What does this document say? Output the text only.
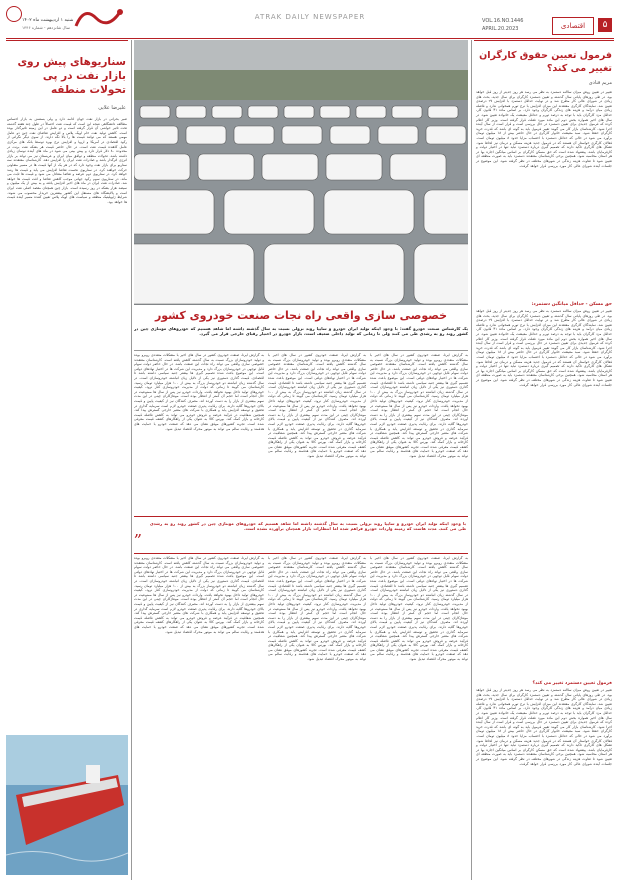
۵
اقتصادی
VOL.16.NO.1446
APRIL.20.2023
ATRAK DAILY NEWSPAPER
شنبه ۱ اردیبهشت ماه ۱۴۰۲
سال شانزدهم - شماره ۱۴۴۶
سناریوهای پیش روی بازار نفت در پی تحولات منطقه
علیرضا علایی
صبر بحرانی در بازار نفت جهان ادامه دارد و ولی بستنش به بازار احساس مطالعه دانشگاهی نتیجه این است که قیمت نفت احتمالاً در طول چند هفته گذشته تحت تاثیر حواشی آن قرار گرفته است و دو عامل در این زمینه تاثیرگذار بوده است. کاهش تولید نفت خام اوپک پلاس و افزایش تقاضای نفت چین دو عامل مهمی هستند که می توانند قیمت ها را بالا نگه دارند. از سوی دیگر نگرانی از رکود اقتصادی در آمریکا و اروپا و افزایش نرخ بهره توسط بانک های مرکزی عامل کاهنده قیمت نفت است. در حال حاضر قیمت هر بشکه نفت برنت در محدوده ۸۰ دلار قرار دارد و پیش بینی می شود در ماه های آینده نوسان زیادی داشته باشد. تحولات منطقه و توافق میان ایران و عربستان نیز می تواند بر بازار انرژی اثرگذار باشد و صادرات نفت ایران را افزایش دهد. کارشناسان معتقدند سه سناریو برای بازار نفت وجود دارد که در هر یک از آنها قیمت ها در مسیر متفاوتی حرکت خواهند کرد. در سناریوی نخست تقاضا افزایش می یابد و قیمت ها رشد خواهد کرد. در سناریوی دوم عرضه و تقاضا متعادل می شود و قیمت ها ثابت می ماند. در سناریوی سوم رکود جهانی موجب کاهش تقاضا و افت قیمت ها خواهد شد. صادرات نفت ایران در ماه های اخیر افزایش یافته و به بیش از یک میلیون و سیصد هزار بشکه در روز رسیده است. بازار چین همچنان مقصد اصلی نفت ایران است و پالایشگاه های مستقل این کشور بیشترین خریدار محسوب می شوند. شرایط ژئوپلیتیک منطقه و سیاست های اوپک پلاس تعیین کننده مسیر آینده قیمت ها خواهد بود.
خصوصی سازی واقعی راه نجات صنعت خودروی کشور
یک کارشناس صنعت خودرو گفت: با وجود اینکه تولید ایران خودرو و سایپا روند نزولی نسبت به سال گذشته داشته اما شاهد هستیم که خودروهای مونتاژی چین در کشور روند رو به رشدی طی می کنند ولی تا زمانی که تولید داخلی ضعیف است، بازار خودرو در اختیار رقبای خارجی قرار می گیرد.
به گزارش ایرنا، صنعت خودروی کشور در سال های اخیر با مشکلات متعددی روبرو بوده و تولید خودروسازان بزرگ نسبت به سال گذشته کاهش یافته است. کارشناسان معتقدند خصوصی سازی واقعی می تواند راه نجات این صنعت باشد. در حال حاضر دولت سهام قابل توجهی در خودروسازان بزرگ دارد و مدیریت این شرکت ها در اختیار نهادهای دولتی است. این موضوع باعث شده تصمیم گیری ها بیشتر جنبه سیاسی داشته باشد تا اقتصادی. قیمت گذاری دستوری نیز یکی از دلایل زیان انباشته خودروسازان است. در سال گذشته زیان انباشته دو خودروساز بزرگ به بیش از ۱۰۰ هزار میلیارد تومان رسید. کارشناسان می گویند تا زمانی که دولت از مدیریت خودروسازی کنار نرود، کیفیت خودروهای تولید داخل بهبود نخواهد یافت. واردات خودرو نیز پس از سال ها ممنوعیت در حال انجام است اما حجم آن کمتر از انتظار بوده است. مونتاژکاران چینی در این مدت سهم بیشتری از بازار را به دست آورده اند. مصرف کنندگان نیز از کیفیت پایین و قیمت بالای خودروها گلایه دارند. برای رقابت پذیری صنعت خودرو لازم است سرمایه گذاری در تحقیق و توسعه افزایش یابد و همکاری با شرکت های معتبر خارجی گسترش پیدا کند. همچنین شفافیت در فرآیند عرضه و فروش خودرو می تواند به کاهش فاصله قیمت کارخانه و بازار کمک کند. بورس کالا به عنوان یکی از راهکارهای کشف قیمت معرفی شده است. تجربه کشورهای موفق نشان می دهد که صنعت خودرو با حمایت های هدفمند و رقابت سالم می تواند به موتور محرک اقتصاد تبدیل شود.
به گزارش ایرنا، صنعت خودروی کشور در سال های اخیر با مشکلات متعددی روبرو بوده و تولید خودروسازان بزرگ نسبت به سال گذشته کاهش یافته است. کارشناسان معتقدند خصوصی سازی واقعی می تواند راه نجات این صنعت باشد. در حال حاضر دولت سهام قابل توجهی در خودروسازان بزرگ دارد و مدیریت این شرکت ها در اختیار نهادهای دولتی است. این موضوع باعث شده تصمیم گیری ها بیشتر جنبه سیاسی داشته باشد تا اقتصادی. قیمت گذاری دستوری نیز یکی از دلایل زیان انباشته خودروسازان است. در سال گذشته زیان انباشته دو خودروساز بزرگ به بیش از ۱۰۰ هزار میلیارد تومان رسید. کارشناسان می گویند تا زمانی که دولت از مدیریت خودروسازی کنار نرود، کیفیت خودروهای تولید داخل بهبود نخواهد یافت. واردات خودرو نیز پس از سال ها ممنوعیت در حال انجام است اما حجم آن کمتر از انتظار بوده است. مونتاژکاران چینی در این مدت سهم بیشتری از بازار را به دست آورده اند. مصرف کنندگان نیز از کیفیت پایین و قیمت بالای خودروها گلایه دارند. برای رقابت پذیری صنعت خودرو لازم است سرمایه گذاری در تحقیق و توسعه افزایش یابد و همکاری با شرکت های معتبر خارجی گسترش پیدا کند. همچنین شفافیت در فرآیند عرضه و فروش خودرو می تواند به کاهش فاصله قیمت کارخانه و بازار کمک کند. بورس کالا به عنوان یکی از راهکارهای کشف قیمت معرفی شده است. تجربه کشورهای موفق نشان می دهد که صنعت خودرو با حمایت های هدفمند و رقابت سالم می تواند به موتور محرک اقتصاد تبدیل شود.
به گزارش ایرنا، صنعت خودروی کشور در سال های اخیر با مشکلات متعددی روبرو بوده و تولید خودروسازان بزرگ نسبت به سال گذشته کاهش یافته است. کارشناسان معتقدند خصوصی سازی واقعی می تواند راه نجات این صنعت باشد. در حال حاضر دولت سهام قابل توجهی در خودروسازان بزرگ دارد و مدیریت این شرکت ها در اختیار نهادهای دولتی است. این موضوع باعث شده تصمیم گیری ها بیشتر جنبه سیاسی داشته باشد تا اقتصادی. قیمت گذاری دستوری نیز یکی از دلایل زیان انباشته خودروسازان است. در سال گذشته زیان انباشته دو خودروساز بزرگ به بیش از ۱۰۰ هزار میلیارد تومان رسید. کارشناسان می گویند تا زمانی که دولت از مدیریت خودروسازی کنار نرود، کیفیت خودروهای تولید داخل بهبود نخواهد یافت. واردات خودرو نیز پس از سال ها ممنوعیت در حال انجام است اما حجم آن کمتر از انتظار بوده است. مونتاژکاران چینی در این مدت سهم بیشتری از بازار را به دست آورده اند. مصرف کنندگان نیز از کیفیت پایین و قیمت بالای خودروها گلایه دارند. برای رقابت پذیری صنعت خودرو لازم است سرمایه گذاری در تحقیق و توسعه افزایش یابد و همکاری با شرکت های معتبر خارجی گسترش پیدا کند. همچنین شفافیت در فرآیند عرضه و فروش خودرو می تواند به کاهش فاصله قیمت کارخانه و بازار کمک کند. بورس کالا به عنوان یکی از راهکارهای کشف قیمت معرفی شده است. تجربه کشورهای موفق نشان می دهد که صنعت خودرو با حمایت های هدفمند و رقابت سالم می تواند به موتور محرک اقتصاد تبدیل شود.
„ با وجود اینکه تولید ایران خودرو و سایپا روند نزولی نسبت به سال گذشته داشته اما شاهد هستیم که خودروهای مونتاژی چین در کشور روند رو به رشدی طی می کنند. مدت هاست که زمینه واردات خودرو فراهم شده اما انتظارات بازار همچنان برآورده نشده است.
به گزارش ایرنا، صنعت خودروی کشور در سال های اخیر با مشکلات متعددی روبرو بوده و تولید خودروسازان بزرگ نسبت به سال گذشته کاهش یافته است. کارشناسان معتقدند خصوصی سازی واقعی می تواند راه نجات این صنعت باشد. در حال حاضر دولت سهام قابل توجهی در خودروسازان بزرگ دارد و مدیریت این شرکت ها در اختیار نهادهای دولتی است. این موضوع باعث شده تصمیم گیری ها بیشتر جنبه سیاسی داشته باشد تا اقتصادی. قیمت گذاری دستوری نیز یکی از دلایل زیان انباشته خودروسازان است. در سال گذشته زیان انباشته دو خودروساز بزرگ به بیش از ۱۰۰ هزار میلیارد تومان رسید. کارشناسان می گویند تا زمانی که دولت از مدیریت خودروسازی کنار نرود، کیفیت خودروهای تولید داخل بهبود نخواهد یافت. واردات خودرو نیز پس از سال ها ممنوعیت در حال انجام است اما حجم آن کمتر از انتظار بوده است. مونتاژکاران چینی در این مدت سهم بیشتری از بازار را به دست آورده اند. مصرف کنندگان نیز از کیفیت پایین و قیمت بالای خودروها گلایه دارند. برای رقابت پذیری صنعت خودرو لازم است سرمایه گذاری در تحقیق و توسعه افزایش یابد و همکاری با شرکت های معتبر خارجی گسترش پیدا کند. همچنین شفافیت در فرآیند عرضه و فروش خودرو می تواند به کاهش فاصله قیمت کارخانه و بازار کمک کند. بورس کالا به عنوان یکی از راهکارهای کشف قیمت معرفی شده است. تجربه کشورهای موفق نشان می دهد که صنعت خودرو با حمایت های هدفمند و رقابت سالم می تواند به موتور محرک اقتصاد تبدیل شود.
به گزارش ایرنا، صنعت خودروی کشور در سال های اخیر با مشکلات متعددی روبرو بوده و تولید خودروسازان بزرگ نسبت به سال گذشته کاهش یافته است. کارشناسان معتقدند خصوصی سازی واقعی می تواند راه نجات این صنعت باشد. در حال حاضر دولت سهام قابل توجهی در خودروسازان بزرگ دارد و مدیریت این شرکت ها در اختیار نهادهای دولتی است. این موضوع باعث شده تصمیم گیری ها بیشتر جنبه سیاسی داشته باشد تا اقتصادی. قیمت گذاری دستوری نیز یکی از دلایل زیان انباشته خودروسازان است. در سال گذشته زیان انباشته دو خودروساز بزرگ به بیش از ۱۰۰ هزار میلیارد تومان رسید. کارشناسان می گویند تا زمانی که دولت از مدیریت خودروسازی کنار نرود، کیفیت خودروهای تولید داخل بهبود نخواهد یافت. واردات خودرو نیز پس از سال ها ممنوعیت در حال انجام است اما حجم آن کمتر از انتظار بوده است. مونتاژکاران چینی در این مدت سهم بیشتری از بازار را به دست آورده اند. مصرف کنندگان نیز از کیفیت پایین و قیمت بالای خودروها گلایه دارند. برای رقابت پذیری صنعت خودرو لازم است سرمایه گذاری در تحقیق و توسعه افزایش یابد و همکاری با شرکت های معتبر خارجی گسترش پیدا کند. همچنین شفافیت در فرآیند عرضه و فروش خودرو می تواند به کاهش فاصله قیمت کارخانه و بازار کمک کند. بورس کالا به عنوان یکی از راهکارهای کشف قیمت معرفی شده است. تجربه کشورهای موفق نشان می دهد که صنعت خودرو با حمایت های هدفمند و رقابت سالم می تواند به موتور محرک اقتصاد تبدیل شود.
به گزارش ایرنا، صنعت خودروی کشور در سال های اخیر با مشکلات متعددی روبرو بوده و تولید خودروسازان بزرگ نسبت به سال گذشته کاهش یافته است. کارشناسان معتقدند خصوصی سازی واقعی می تواند راه نجات این صنعت باشد. در حال حاضر دولت سهام قابل توجهی در خودروسازان بزرگ دارد و مدیریت این شرکت ها در اختیار نهادهای دولتی است. این موضوع باعث شده تصمیم گیری ها بیشتر جنبه سیاسی داشته باشد تا اقتصادی. قیمت گذاری دستوری نیز یکی از دلایل زیان انباشته خودروسازان است. در سال گذشته زیان انباشته دو خودروساز بزرگ به بیش از ۱۰۰ هزار میلیارد تومان رسید. کارشناسان می گویند تا زمانی که دولت از مدیریت خودروسازی کنار نرود، کیفیت خودروهای تولید داخل بهبود نخواهد یافت. واردات خودرو نیز پس از سال ها ممنوعیت در حال انجام است اما حجم آن کمتر از انتظار بوده است. مونتاژکاران چینی در این مدت سهم بیشتری از بازار را به دست آورده اند. مصرف کنندگان نیز از کیفیت پایین و قیمت بالای خودروها گلایه دارند. برای رقابت پذیری صنعت خودرو لازم است سرمایه گذاری در تحقیق و توسعه افزایش یابد و همکاری با شرکت های معتبر خارجی گسترش پیدا کند. همچنین شفافیت در فرآیند عرضه و فروش خودرو می تواند به کاهش فاصله قیمت کارخانه و بازار کمک کند. بورس کالا به عنوان یکی از راهکارهای کشف قیمت معرفی شده است. تجربه کشورهای موفق نشان می دهد که صنعت خودرو با حمایت های هدفمند و رقابت سالم می تواند به موتور محرک اقتصاد تبدیل شود.
فرمول تعیین حقوق کارگران تغییر می کند؟
مریم قنادی
تغییر در تعیین روش میزان ساالنه دستمزد به نظر می رسد هر روز جدیتر از روز قبل خواهد بود. در طی روزهای پایانی سال گذشته و تعیین دستمزد کارگران برای سال جدید، بحث های زیادی در شورای عالی کار مطرح شد و در نهایت حداقل دستمزد با افزایش ۲۷ درصدی تعیین شد. نمایندگان کارگری معتقدند این میزان افزایش با نرخ تورم همخوانی ندارد و فاصله زیادی میان درآمد و هزینه های زندگی کارگران وجود دارد. بر اساس ماده ۴۱ قانون کار، حداقل مزد کارگران باید با توجه به درصد تورم و حداقل معیشت یک خانواده تعیین شود. در سال های اخیر همواره بخش دوم این ماده مورد غفلت قرار گرفته است. وزیر کار اعلام کرده که فرمول جدیدی برای تعیین دستمزد در حال بررسی است و قرار است از سال آینده اجرا شود. کارشناسان بازار کار می گویند تغییر فرمول باید به گونه ای باشد که قدرت خرید کارگران حفظ شود. سبد معیشت خانوار کارگری در حال حاضر بیش از ۱۸ میلیون تومان برآورد می شود در حالی که حداقل دستمزد با احتساب مزایا حدود ۸ میلیون تومان است. فعالان کارگری خواستار آن هستند که در فرمول جدید هزینه مسکن و درمان نیز لحاظ شود. تشکل های کارگری تاکید دارند که تصمیم گیری درباره دستمزد نباید تنها در اختیار دولت و کارفرمایان باشد. پیشنهاد شده است که حق مسکن کارگران بر اساس میانگین اجاره بها در هر استان محاسبه شود. همچنین برخی کارشناسان معتقدند دستمزد باید به صورت منطقه ای تعیین شود تا تفاوت هزینه زندگی در شهرهای مختلف در نظر گرفته شود. این موضوع در جلسات آینده شورای عالی کار مورد بررسی قرار خواهد گرفت.
حق مسکن - حداقل میانگین دستمزد:
تغییر در تعیین روش میزان ساالنه دستمزد به نظر می رسد هر روز جدیتر از روز قبل خواهد بود. در طی روزهای پایانی سال گذشته و تعیین دستمزد کارگران برای سال جدید، بحث های زیادی در شورای عالی کار مطرح شد و در نهایت حداقل دستمزد با افزایش ۲۷ درصدی تعیین شد. نمایندگان کارگری معتقدند این میزان افزایش با نرخ تورم همخوانی ندارد و فاصله زیادی میان درآمد و هزینه های زندگی کارگران وجود دارد. بر اساس ماده ۴۱ قانون کار، حداقل مزد کارگران باید با توجه به درصد تورم و حداقل معیشت یک خانواده تعیین شود. در سال های اخیر همواره بخش دوم این ماده مورد غفلت قرار گرفته است. وزیر کار اعلام کرده که فرمول جدیدی برای تعیین دستمزد در حال بررسی است و قرار است از سال آینده اجرا شود. کارشناسان بازار کار می گویند تغییر فرمول باید به گونه ای باشد که قدرت خرید کارگران حفظ شود. سبد معیشت خانوار کارگری در حال حاضر بیش از ۱۸ میلیون تومان برآورد می شود در حالی که حداقل دستمزد با احتساب مزایا حدود ۸ میلیون تومان است. فعالان کارگری خواستار آن هستند که در فرمول جدید هزینه مسکن و درمان نیز لحاظ شود. تشکل های کارگری تاکید دارند که تصمیم گیری درباره دستمزد نباید تنها در اختیار دولت و کارفرمایان باشد. پیشنهاد شده است که حق مسکن کارگران بر اساس میانگین اجاره بها در هر استان محاسبه شود. همچنین برخی کارشناسان معتقدند دستمزد باید به صورت منطقه ای تعیین شود تا تفاوت هزینه زندگی در شهرهای مختلف در نظر گرفته شود. این موضوع در جلسات آینده شورای عالی کار مورد بررسی قرار خواهد گرفت.
فرمول تعیین دستمزد تغییر می کند؟
تغییر در تعیین روش میزان ساالنه دستمزد به نظر می رسد هر روز جدیتر از روز قبل خواهد بود. در طی روزهای پایانی سال گذشته و تعیین دستمزد کارگران برای سال جدید، بحث های زیادی در شورای عالی کار مطرح شد و در نهایت حداقل دستمزد با افزایش ۲۷ درصدی تعیین شد. نمایندگان کارگری معتقدند این میزان افزایش با نرخ تورم همخوانی ندارد و فاصله زیادی میان درآمد و هزینه های زندگی کارگران وجود دارد. بر اساس ماده ۴۱ قانون کار، حداقل مزد کارگران باید با توجه به درصد تورم و حداقل معیشت یک خانواده تعیین شود. در سال های اخیر همواره بخش دوم این ماده مورد غفلت قرار گرفته است. وزیر کار اعلام کرده که فرمول جدیدی برای تعیین دستمزد در حال بررسی است و قرار است از سال آینده اجرا شود. کارشناسان بازار کار می گویند تغییر فرمول باید به گونه ای باشد که قدرت خرید کارگران حفظ شود. سبد معیشت خانوار کارگری در حال حاضر بیش از ۱۸ میلیون تومان برآورد می شود در حالی که حداقل دستمزد با احتساب مزایا حدود ۸ میلیون تومان است. فعالان کارگری خواستار آن هستند که در فرمول جدید هزینه مسکن و درمان نیز لحاظ شود. تشکل های کارگری تاکید دارند که تصمیم گیری درباره دستمزد نباید تنها در اختیار دولت و کارفرمایان باشد. پیشنهاد شده است که حق مسکن کارگران بر اساس میانگین اجاره بها در هر استان محاسبه شود. همچنین برخی کارشناسان معتقدند دستمزد باید به صورت منطقه ای تعیین شود تا تفاوت هزینه زندگی در شهرهای مختلف در نظر گرفته شود. این موضوع در جلسات آینده شورای عالی کار مورد بررسی قرار خواهد گرفت.
